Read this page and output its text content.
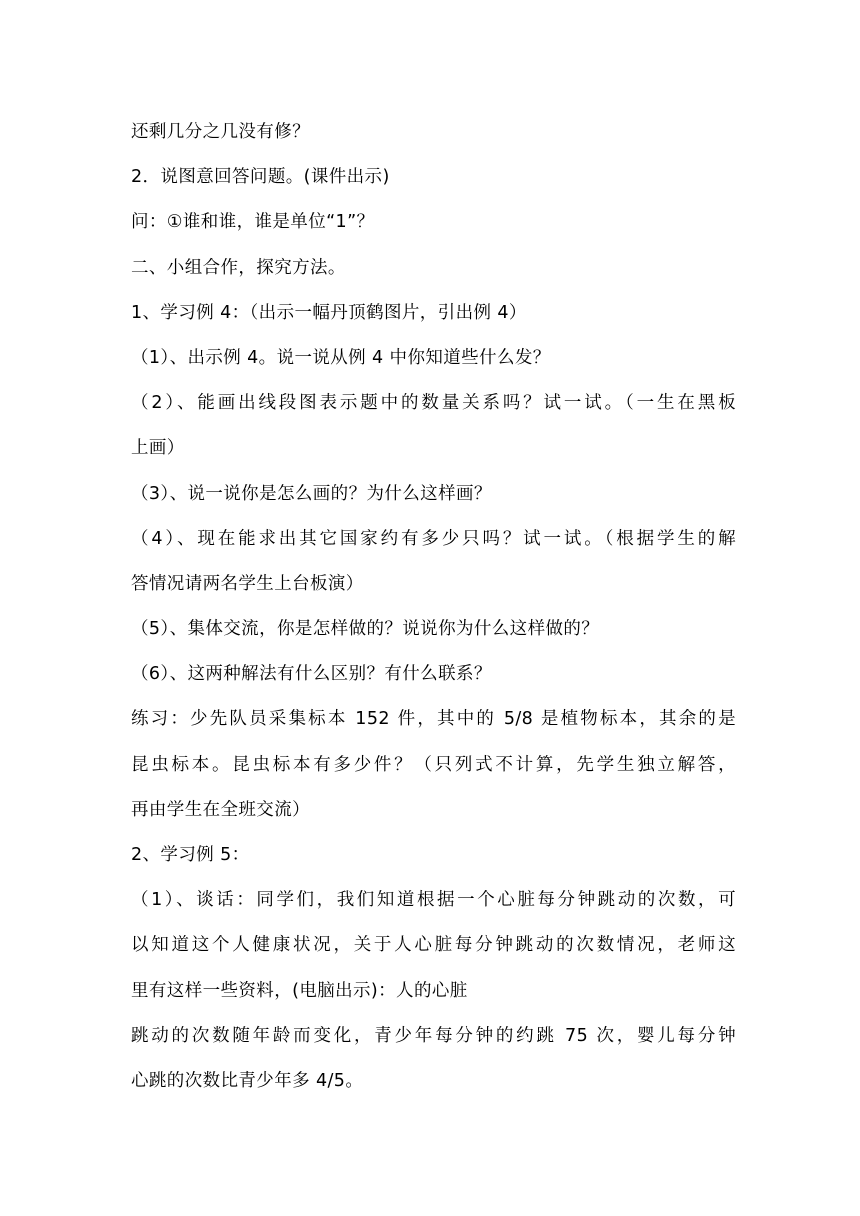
还剩几分之几没有修？
2．说图意回答问题。(课件出示)
问：①谁和谁，谁是单位“1”？
二、小组合作，探究方法。
1、学习例 4：（出示一幅丹顶鹤图片，引出例 4）
（1）、出示例 4。说一说从例 4 中你知道些什么发？
（2）、能画出线段图表示题中的数量关系吗？试一试。（一生在黑板
上画）
（3）、说一说你是怎么画的？为什么这样画？
（4）、现在能求出其它国家约有多少只吗？试一试。（根据学生的解
答情况请两名学生上台板演）
（5）、集体交流，你是怎样做的？说说你为什么这样做的？
（6）、这两种解法有什么区别？有什么联系？
练习：少先队员采集标本 152 件，其中的 5/8 是植物标本，其余的是
昆虫标本。昆虫标本有多少件？（只列式不计算，先学生独立解答，
再由学生在全班交流）
2、学习例 5：
（1）、谈话：同学们，我们知道根据一个心脏每分钟跳动的次数，可
以知道这个人健康状况，关于人心脏每分钟跳动的次数情况，老师这
里有这样一些资料，(电脑出示)：人的心脏
跳动的次数随年龄而变化，青少年每分钟的约跳 75 次，婴儿每分钟
心跳的次数比青少年多 4/5。
